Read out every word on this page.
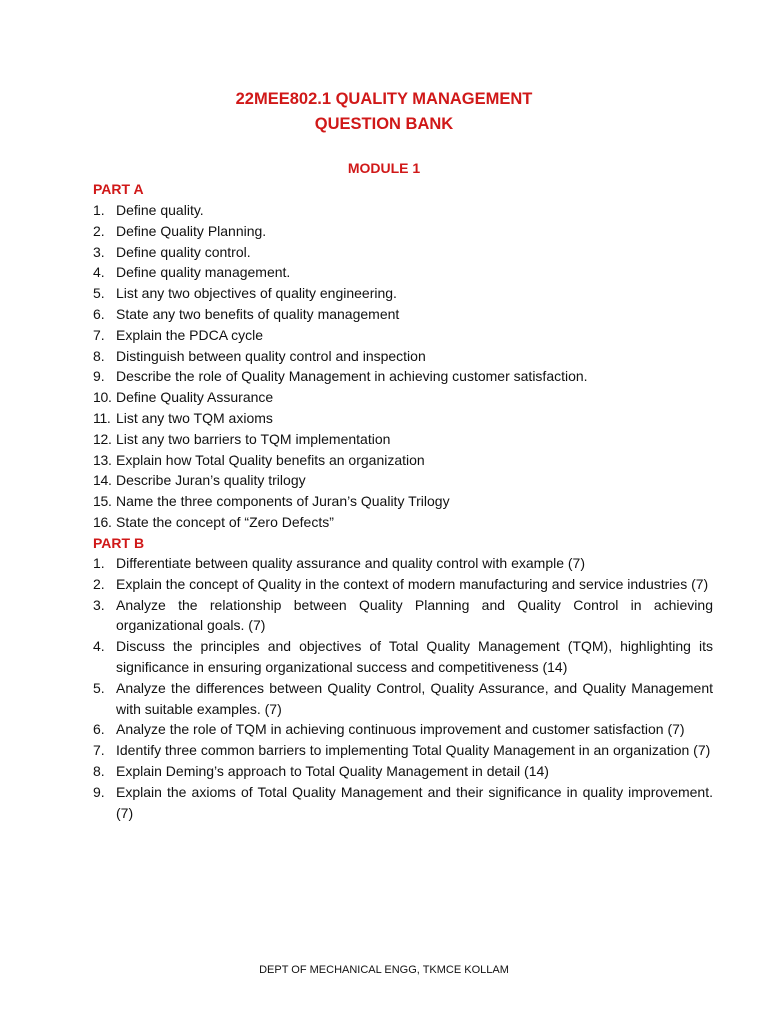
22MEE802.1 QUALITY MANAGEMENT
QUESTION BANK
MODULE 1
PART A
1. Define quality.
2. Define Quality Planning.
3. Define quality control.
4. Define quality management.
5. List any two objectives of quality engineering.
6. State any two benefits of quality management
7. Explain the PDCA cycle
8. Distinguish between quality control and inspection
9. Describe the role of Quality Management in achieving customer satisfaction.
10. Define Quality Assurance
11. List any two TQM axioms
12. List any two barriers to TQM implementation
13. Explain how Total Quality benefits an organization
14. Describe Juran’s quality trilogy
15. Name the three components of Juran’s Quality Trilogy
16. State the concept of “Zero Defects”
PART B
1. Differentiate between quality assurance and quality control with example (7)
2. Explain the concept of Quality in the context of modern manufacturing and service industries (7)
3. Analyze the relationship between Quality Planning and Quality Control in achieving organizational goals. (7)
4. Discuss the principles and objectives of Total Quality Management (TQM), highlighting its significance in ensuring organizational success and competitiveness (14)
5. Analyze the differences between Quality Control, Quality Assurance, and Quality Management with suitable examples. (7)
6. Analyze the role of TQM in achieving continuous improvement and customer satisfaction (7)
7. Identify three common barriers to implementing Total Quality Management in an organization (7)
8. Explain Deming’s approach to Total Quality Management in detail (14)
9. Explain the axioms of Total Quality Management and their significance in quality improvement. (7)
DEPT OF MECHANICAL ENGG, TKMCE KOLLAM
